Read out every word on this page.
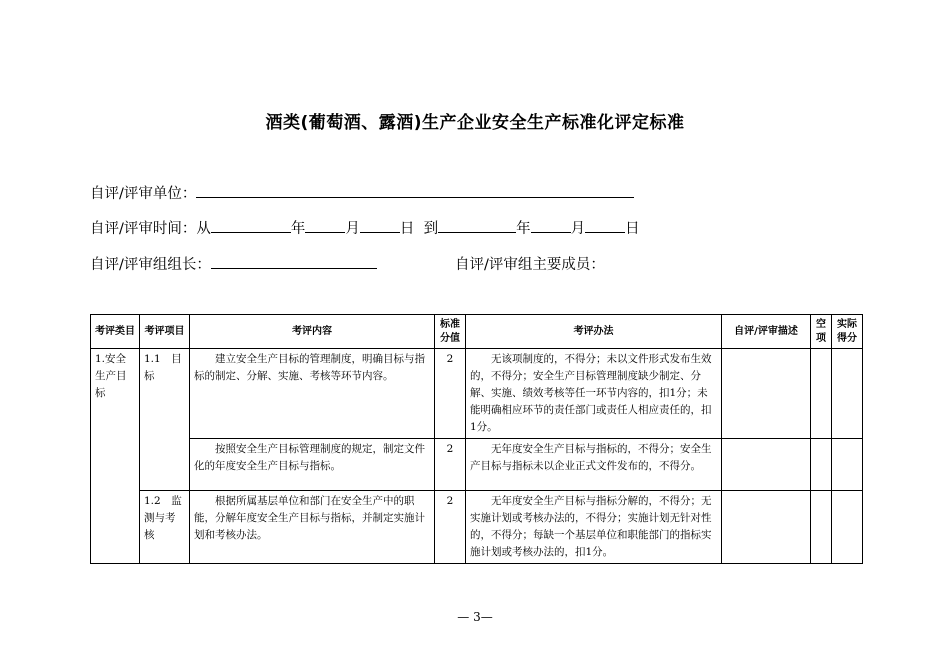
酒类(葡萄酒、露酒)生产企业安全生产标准化评定标准
自评/评审单位：
自评/评审时间：从	年	月	日 到	年	月	日
自评/评审组组长：	自评/评审组主要成员：
考评类目	考评项目	考评内容	标准分值	考评办法	自评/评审描述	空项	实际得分
1.安全生产目标	1.1　目标	建立安全生产目标的管理制度，明确目标与指标的制定、分解、实施、考核等环节内容。	2	无该项制度的，不得分；未以文件形式发布生效的，不得分；安全生产目标管理制度缺少制定、分解、实施、绩效考核等任一环节内容的，扣1分；未能明确相应环节的责任部门或责任人相应责任的，扣1分。			
		按照安全生产目标管理制度的规定，制定文件化的年度安全生产目标与指标。	2	无年度安全生产目标与指标的，不得分；安全生产目标与指标未以企业正式文件发布的，不得分。			
	1.2　监测与考核	根据所属基层单位和部门在安全生产中的职能，分解年度安全生产目标与指标，并制定实施计划和考核办法。	2	无年度安全生产目标与指标分解的，不得分；无实施计划或考核办法的，不得分；实施计划无针对性的，不得分；每缺一个基层单位和职能部门的指标实施计划或考核办法的，扣1分。			
— 3—
